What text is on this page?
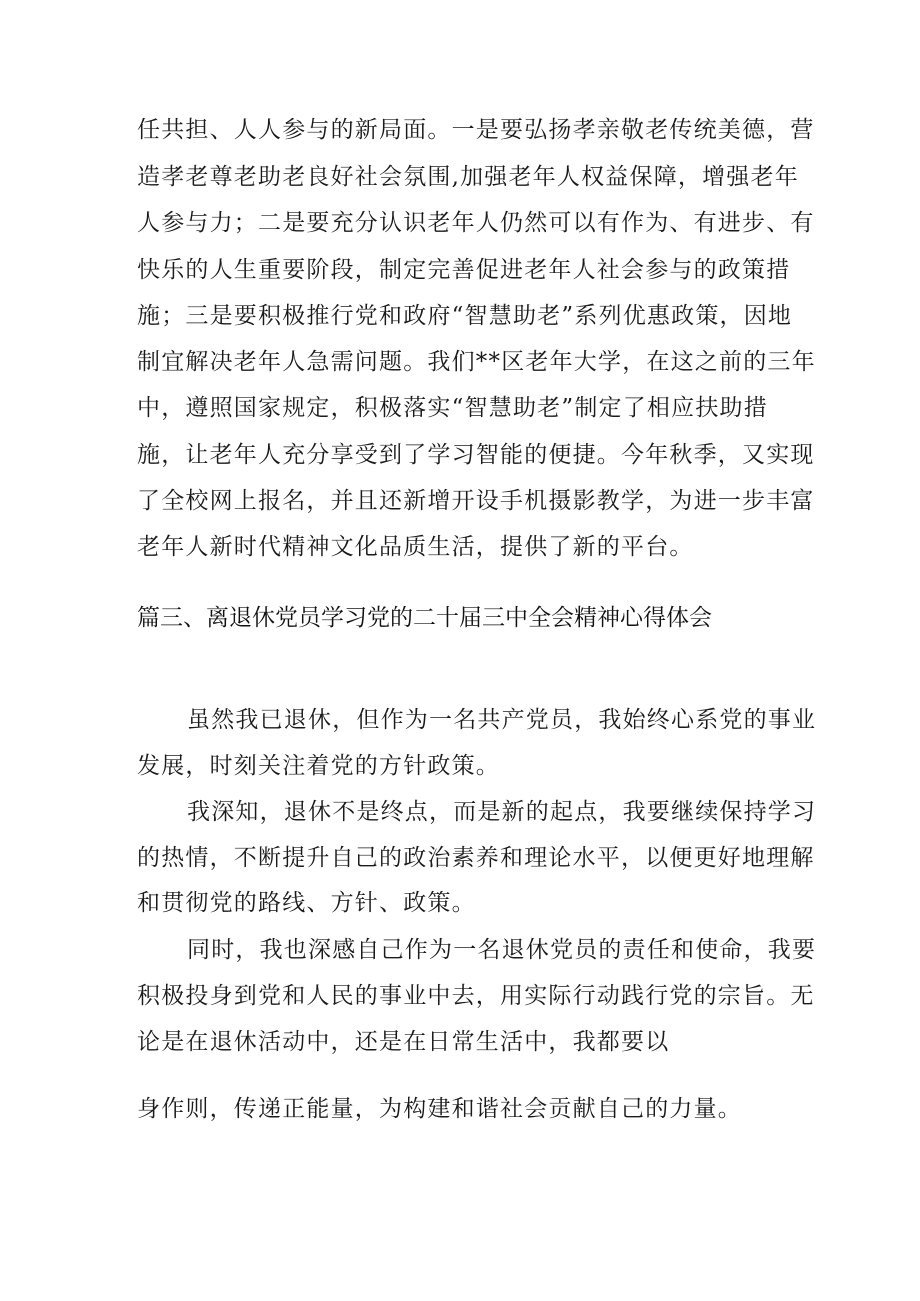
任共担、人人参与的新局面。一是要弘扬孝亲敬老传统美德，营
造孝老尊老助老良好社会氛围,加强老年人权益保障，增强老年
人参与力；二是要充分认识老年人仍然可以有作为、有进步、有
快乐的人生重要阶段，制定完善促进老年人社会参与的政策措
施；三是要积极推行党和政府“智慧助老”系列优惠政策，因地
制宜解决老年人急需问题。我们**区老年大学，在这之前的三年
中，遵照国家规定，积极落实“智慧助老”制定了相应扶助措
施，让老年人充分享受到了学习智能的便捷。今年秋季，又实现
了全校网上报名，并且还新增开设手机摄影教学，为进一步丰富
老年人新时代精神文化品质生活，提供了新的平台。
篇三、离退休党员学习党的二十届三中全会精神心得体会
虽然我已退休，但作为一名共产党员，我始终心系党的事业
发展，时刻关注着党的方针政策。
我深知，退休不是终点，而是新的起点，我要继续保持学习
的热情，不断提升自己的政治素养和理论水平，以便更好地理解
和贯彻党的路线、方针、政策。
同时，我也深感自己作为一名退休党员的责任和使命，我要
积极投身到党和人民的事业中去，用实际行动践行党的宗旨。无
论是在退休活动中，还是在日常生活中，我都要以
身作则，传递正能量，为构建和谐社会贡献自己的力量。
